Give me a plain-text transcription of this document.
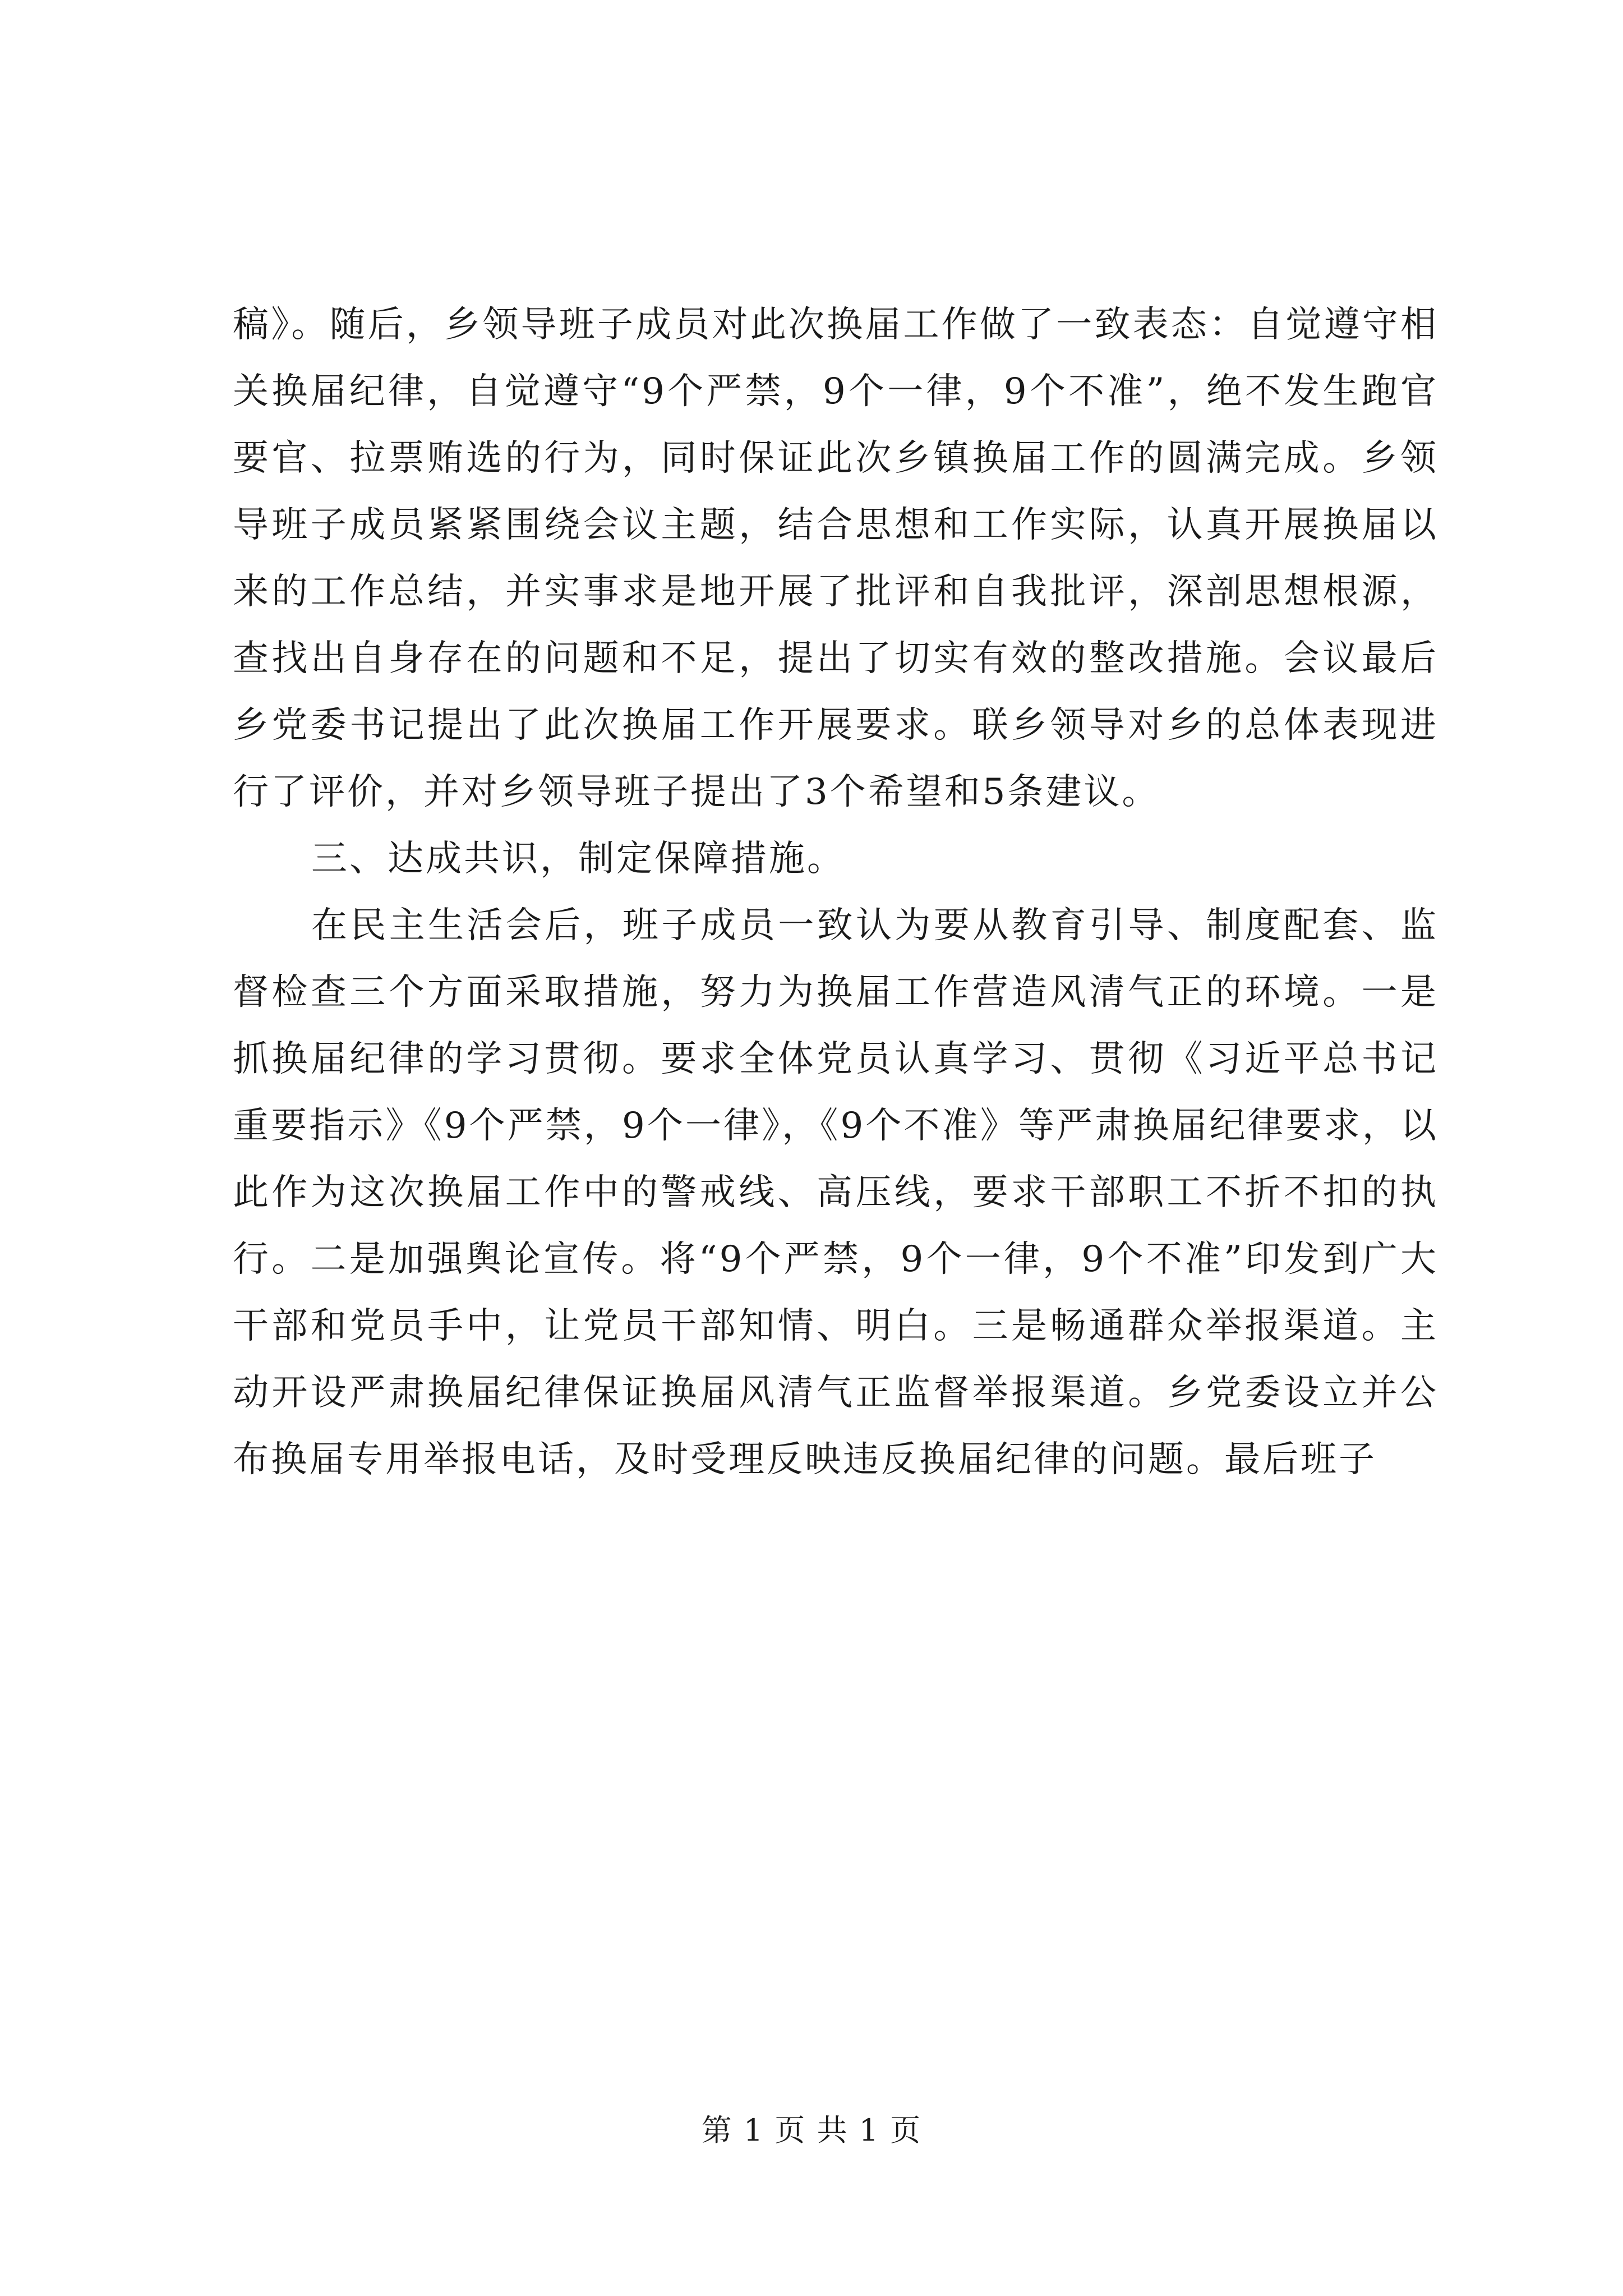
稿》。随后，乡领导班子成员对此次换届工作做了一致表态：自觉遵守相关换届纪律，自觉遵守“9个严禁，9个一律，9个不准”，绝不发生跑官要官、拉票贿选的行为，同时保证此次乡镇换届工作的圆满完成。乡领导班子成员紧紧围绕会议主题，结合思想和工作实际，认真开展换届以来的工作总结，并实事求是地开展了批评和自我批评，深剖思想根源，查找出自身存在的问题和不足，提出了切实有效的整改措施。会议最后乡党委书记提出了此次换届工作开展要求。联乡领导对乡的总体表现进行了评价，并对乡领导班子提出了3个希望和5条建议。

三、达成共识，制定保障措施。

在民主生活会后，班子成员一致认为要从教育引导、制度配套、监督检查三个方面采取措施，努力为换届工作营造风清气正的环境。一是抓换届纪律的学习贯彻。要求全体党员认真学习、贯彻《习近平总书记重要指示》《9个严禁，9个一律》，《9个不准》等严肃换届纪律要求，以此作为这次换届工作中的警戒线、高压线，要求干部职工不折不扣的执行。二是加强舆论宣传。将“9个严禁，9个一律，9个不准”印发到广大干部和党员手中，让党员干部知情、明白。三是畅通群众举报渠道。主动开设严肃换届纪律保证换届风清气正监督举报渠道。乡党委设立并公布换届专用举报电话，及时受理反映违反换届纪律的问题。最后班子

第 1 页 共 1 页
